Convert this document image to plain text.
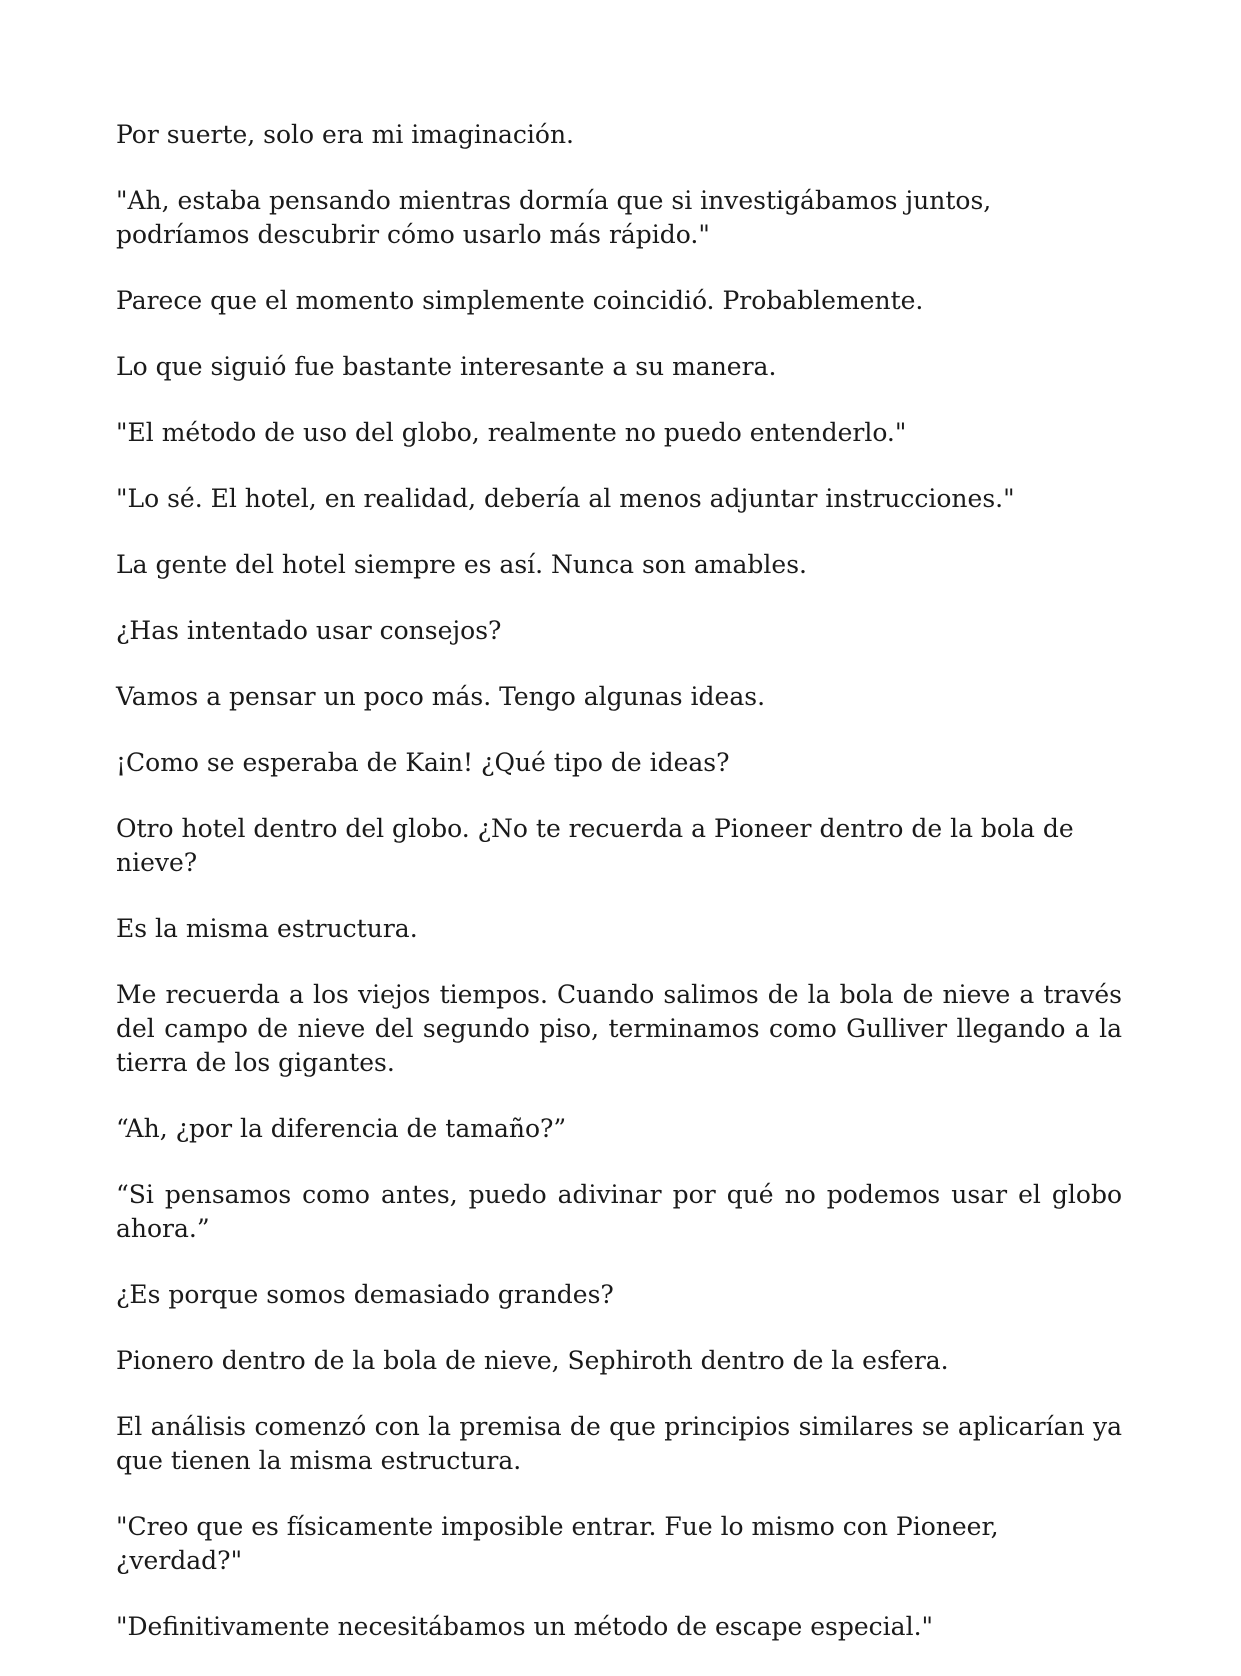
Por suerte, solo era mi imaginación.

"Ah, estaba pensando mientras dormía que si investigábamos juntos, podríamos descubrir cómo usarlo más rápido."

Parece que el momento simplemente coincidió. Probablemente.

Lo que siguió fue bastante interesante a su manera.

"El método de uso del globo, realmente no puedo entenderlo."

"Lo sé. El hotel, en realidad, debería al menos adjuntar instrucciones."

La gente del hotel siempre es así. Nunca son amables.

¿Has intentado usar consejos?

Vamos a pensar un poco más. Tengo algunas ideas.

¡Como se esperaba de Kain! ¿Qué tipo de ideas?

Otro hotel dentro del globo. ¿No te recuerda a Pioneer dentro de la bola de nieve?

Es la misma estructura.

Me recuerda a los viejos tiempos. Cuando salimos de la bola de nieve a través del campo de nieve del segundo piso, terminamos como Gulliver llegando a la tierra de los gigantes.

“Ah, ¿por la diferencia de tamaño?”

“Si pensamos como antes, puedo adivinar por qué no podemos usar el globo ahora.”

¿Es porque somos demasiado grandes?

Pionero dentro de la bola de nieve, Sephiroth dentro de la esfera.

El análisis comenzó con la premisa de que principios similares se aplicarían ya que tienen la misma estructura.

"Creo que es físicamente imposible entrar. Fue lo mismo con Pioneer, ¿verdad?"

"Definitivamente necesitábamos un método de escape especial."
